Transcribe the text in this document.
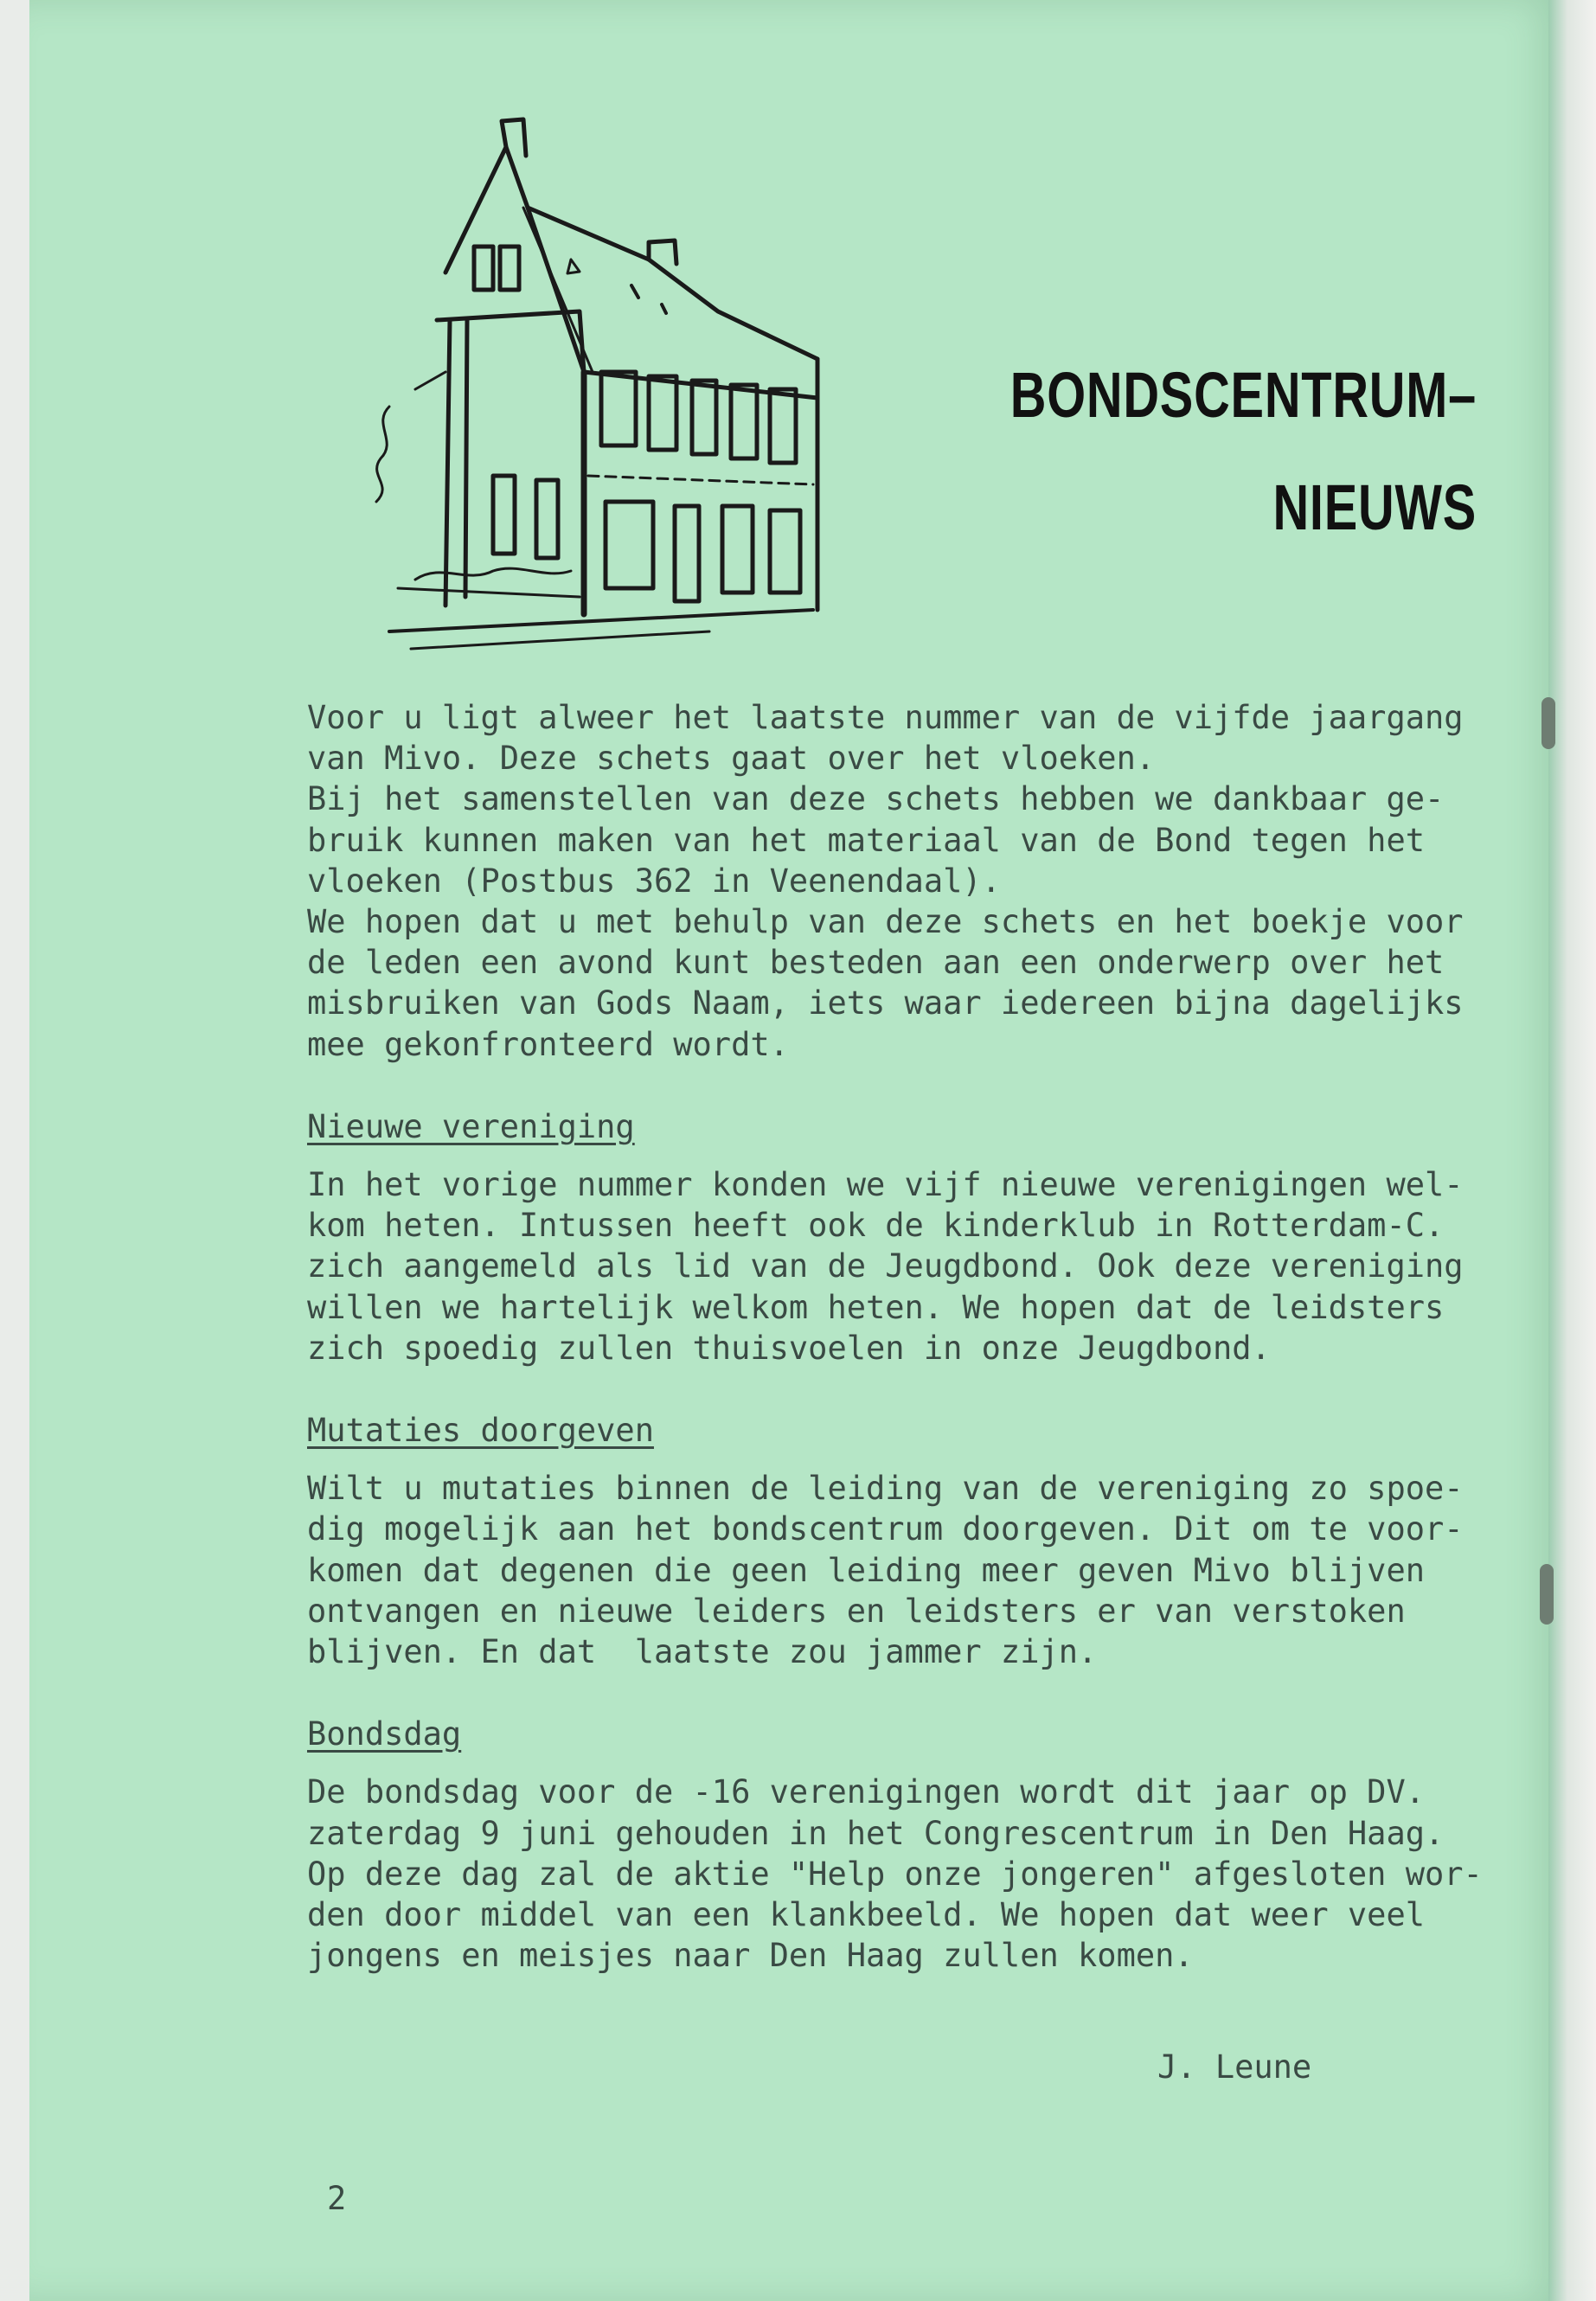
BONDSCENTRUM–
NIEUWS

Voor u ligt alweer het laatste nummer van de vijfde jaargang

van Mivo. Deze schets gaat over het vloeken.

Bij het samenstellen van deze schets hebben we dankbaar ge-

bruik kunnen maken van het materiaal van de Bond tegen het

vloeken (Postbus 362 in Veenendaal).

We hopen dat u met behulp van deze schets en het boekje voor

de leden een avond kunt besteden aan een onderwerp over het

misbruiken van Gods Naam, iets waar iedereen bijna dagelijks

mee gekonfronteerd wordt.

Nieuwe vereniging

In het vorige nummer konden we vijf nieuwe verenigingen wel-

kom heten. Intussen heeft ook de kinderklub in Rotterdam-C.

zich aangemeld als lid van de Jeugdbond. Ook deze vereniging

willen we hartelijk welkom heten. We hopen dat de leidsters

zich spoedig zullen thuisvoelen in onze Jeugdbond.

Mutaties doorgeven

Wilt u mutaties binnen de leiding van de vereniging zo spoe-

dig mogelijk aan het bondscentrum doorgeven. Dit om te voor-

komen dat degenen die geen leiding meer geven Mivo blijven

ontvangen en nieuwe leiders en leidsters er van verstoken

blijven. En dat  laatste zou jammer zijn.

Bondsdag

De bondsdag voor de -16 verenigingen wordt dit jaar op DV.

zaterdag 9 juni gehouden in het Congrescentrum in Den Haag.

Op deze dag zal de aktie "Help onze jongeren" afgesloten wor-

den door middel van een klankbeeld. We hopen dat weer veel

jongens en meisjes naar Den Haag zullen komen.

J. Leune
2
